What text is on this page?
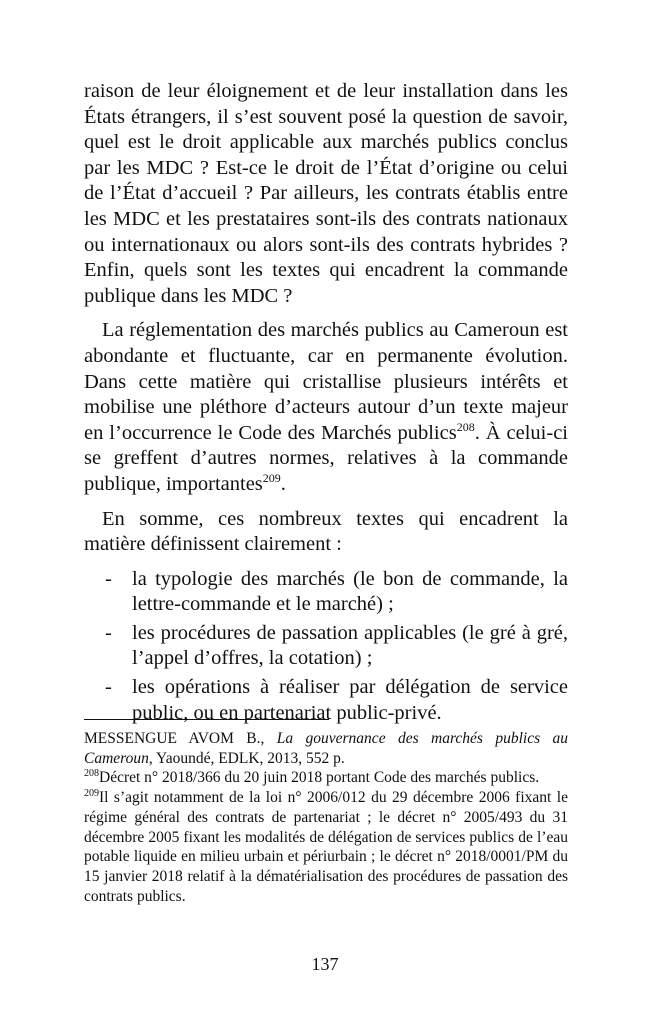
raison de leur éloignement et de leur installation dans les États étrangers, il s’est souvent posé la question de savoir, quel est le droit applicable aux marchés publics conclus par les MDC ? Est-ce le droit de l’État d’origine ou celui de l’État d’accueil ? Par ailleurs, les contrats établis entre les MDC et les prestataires sont-ils des contrats nationaux ou internationaux ou alors sont-ils des contrats hybrides ? Enfin, quels sont les textes qui encadrent la commande publique dans les MDC ?

La réglementation des marchés publics au Cameroun est abondante et fluctuante, car en permanente évolution. Dans cette matière qui cristallise plusieurs intérêts et mobilise une pléthore d’acteurs autour d’un texte majeur en l’occurrence le Code des Marchés publics$^{208}$. À celui-ci se greffent d’autres normes, relatives à la commande publique, importantes$^{209}$.

En somme, ces nombreux textes qui encadrent la matière définissent clairement :

- la typologie des marchés (le bon de commande, la lettre-commande et le marché) ;
- les procédures de passation applicables (le gré à gré, l’appel d’offres, la cotation) ;
- les opérations à réaliser par délégation de service public, ou en partenariat public-privé.

MESSENGUE AVOM B., La gouvernance des marchés publics au Cameroun, Yaoundé, EDLK, 2013, 552 p.

$^{208}$Décret n° 2018/366 du 20 juin 2018 portant Code des marchés publics.

$^{209}$Il s’agit notamment de la loi n° 2006/012 du 29 décembre 2006 fixant le régime général des contrats de partenariat ; le décret n° 2005/493 du 31 décembre 2005 fixant les modalités de délégation de services publics de l’eau potable liquide en milieu urbain et périurbain ; le décret n° 2018/0001/PM du 15 janvier 2018 relatif à la dématérialisation des procédures de passation des contrats publics.

137
